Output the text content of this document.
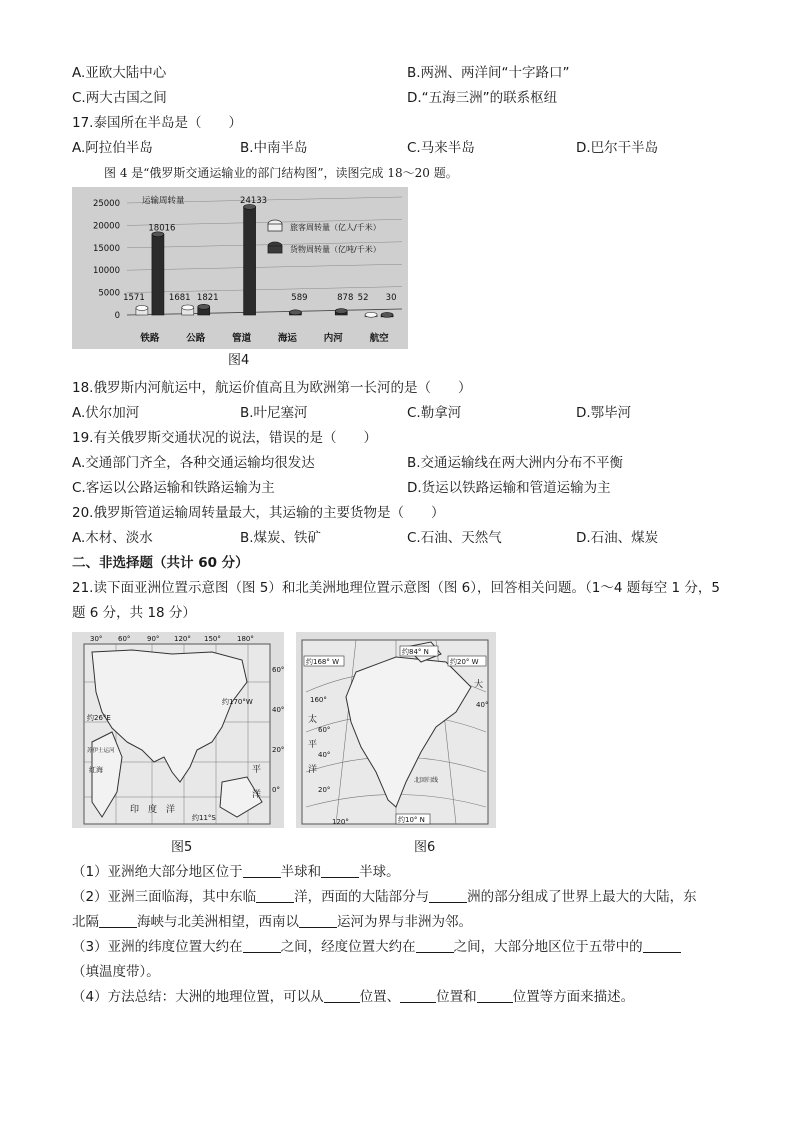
A.亚欧大陆中心	B.两洲、两洋间“十字路口”
C.两大古国之间	D.“五海三洲”的联系枢纽
17.泰国所在半岛是（　　）
A.阿拉伯半岛	B.中南半岛	C.马来半岛	D.巴尔干半岛
图 4 是“俄罗斯交通运输业的部门结构图”，读图完成 18～20 题。
25000
20000
15000
10000
5000
0
1571
18016
1681 1821
24133
589	878 52 30
铁路	公路	管道	海运	内河	航空
运输周转量
旅客周转量（亿人/千米）
货物周转量（亿吨/千米）
图4
18.俄罗斯内河航运中，航运价值高且为欧洲第一长河的是（　　）
A.伏尔加河	B.叶尼塞河	C.勒拿河	D.鄂毕河
19.有关俄罗斯交通状况的说法，错误的是（　　）
A.交通部门齐全，各种交通运输均很发达	B.交通运输线在两大洲内分布不平衡
C.客运以公路运输和铁路运输为主	D.货运以铁路运输和管道运输为主
20.俄罗斯管道运输周转量最大，其运输的主要货物是（　　）
A.木材、淡水	B.煤炭、铁矿	C.石油、天然气	D.石油、煤炭
二、非选择题（共计 60 分）
21.读下面亚洲位置示意图（图 5）和北美洲地理位置示意图（图 6），回答相关问题。（1～4 题每空 1 分，5
题 6 分，共 18 分）
30° 60° 90° 120° 150° 180°
60°
40°
20°
0°
约26°E
约170°W
约11°S
平
洋
印　度　洋
红海
苏伊士运河
约168° W
约84° N
约20° W
约10° N
160°
60°
40°
20°
120°
40°
太
平
洋
大
北回归线
图5	图6
（1）亚洲绝大部分地区位于	半球和	半球。
（2）亚洲三面临海，其中东临	洋，西面的大陆部分与	洲的部分组成了世界上最大的大陆，东
北隔	海峡与北美洲相望，西南以	运河为界与非洲为邻。
（3）亚洲的纬度位置大约在	之间，经度位置大约在	之间，大部分地区位于五带中的
（填温度带）。
（4）方法总结：大洲的地理位置，可以从	位置、	位置和	位置等方面来描述。
